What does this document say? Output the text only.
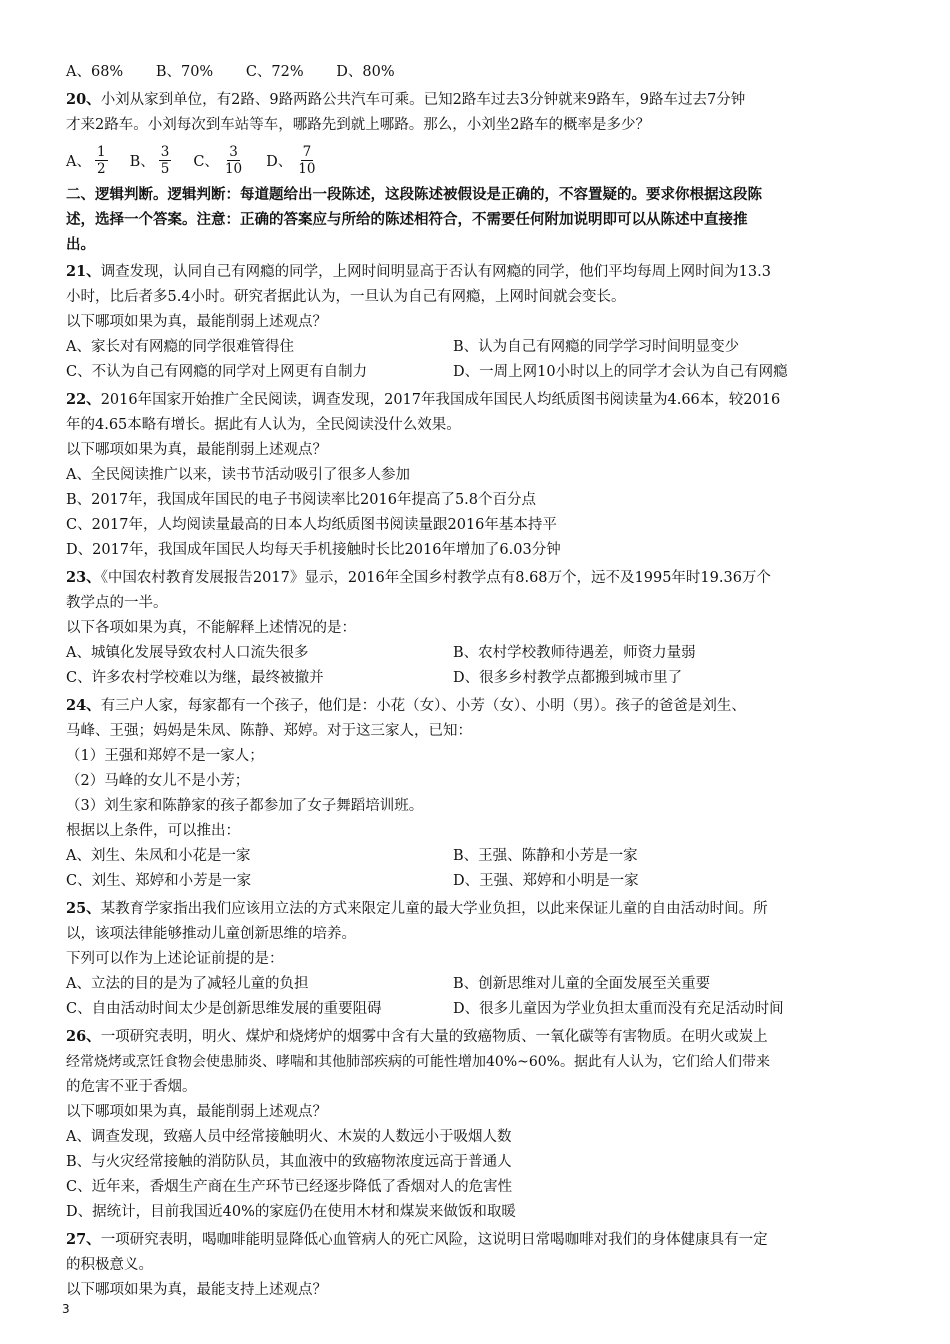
A、68% B、70% C、72% D、80%

20、小刘从家到单位，有2路、9路两路公共汽车可乘。已知2路车过去3分钟就来9路车，9路车过去7分钟

才来2路车。小刘每次到车站等车，哪路先到就上哪路。那么，小刘坐2路车的概率是多少？

A、 $\frac{1}{2}$ B、 $\frac{3}{5}$ C、 $\frac{3}{10}$ D、 $\frac{7}{10}$

二、逻辑判断。逻辑判断：每道题给出一段陈述，这段陈述被假设是正确的，不容置疑的。要求你根据这段陈

述，选择一个答案。注意：正确的答案应与所给的陈述相符合，不需要任何附加说明即可以从陈述中直接推

出。

21、调查发现，认同自己有网瘾的同学，上网时间明显高于否认有网瘾的同学，他们平均每周上网时间为13.3

小时，比后者多5.4小时。研究者据此认为，一旦认为自己有网瘾，上网时间就会变长。

以下哪项如果为真，最能削弱上述观点？

A、家长对有网瘾的同学很难管得住	B、认为自己有网瘾的同学学习时间明显变少
C、不认为自己有网瘾的同学对上网更有自制力	D、一周上网10小时以上的同学才会认为自己有网瘾

22、2016年国家开始推广全民阅读，调查发现，2017年我国成年国民人均纸质图书阅读量为4.66本，较2016

年的4.65本略有增长。据此有人认为，全民阅读没什么效果。

以下哪项如果为真，最能削弱上述观点？

A、全民阅读推广以来，读书节活动吸引了很多人参加

B、2017年，我国成年国民的电子书阅读率比2016年提高了5.8个百分点

C、2017年，人均阅读量最高的日本人均纸质图书阅读量跟2016年基本持平

D、2017年，我国成年国民人均每天手机接触时长比2016年增加了6.03分钟

23、《中国农村教育发展报告2017》显示，2016年全国乡村教学点有8.68万个，远不及1995年时19.36万个

教学点的一半。

以下各项如果为真，不能解释上述情况的是：

A、城镇化发展导致农村人口流失很多	B、农村学校教师待遇差，师资力量弱
C、许多农村学校难以为继，最终被撤并	D、很多乡村教学点都搬到城市里了

24、有三户人家，每家都有一个孩子，他们是：小花（女）、小芳（女）、小明（男）。孩子的爸爸是刘生、

马峰、王强；妈妈是朱凤、陈静、郑婷。对于这三家人，已知：

（1）王强和郑婷不是一家人；

（2）马峰的女儿不是小芳；

（3）刘生家和陈静家的孩子都参加了女子舞蹈培训班。

根据以上条件，可以推出：

A、刘生、朱凤和小花是一家	B、王强、陈静和小芳是一家
C、刘生、郑婷和小芳是一家	D、王强、郑婷和小明是一家

25、某教育学家指出我们应该用立法的方式来限定儿童的最大学业负担，以此来保证儿童的自由活动时间。所

以，该项法律能够推动儿童创新思维的培养。

下列可以作为上述论证前提的是：

A、立法的目的是为了减轻儿童的负担	B、创新思维对儿童的全面发展至关重要
C、自由活动时间太少是创新思维发展的重要阻碍	D、很多儿童因为学业负担太重而没有充足活动时间

26、一项研究表明，明火、煤炉和烧烤炉的烟雾中含有大量的致癌物质、一氧化碳等有害物质。在明火或炭上

经常烧烤或烹饪食物会使患肺炎、哮喘和其他肺部疾病的可能性增加40%~60%。据此有人认为，它们给人们带来

的危害不亚于香烟。

以下哪项如果为真，最能削弱上述观点？

A、调查发现，致癌人员中经常接触明火、木炭的人数远小于吸烟人数

B、与火灾经常接触的消防队员，其血液中的致癌物浓度远高于普通人

C、近年来，香烟生产商在生产环节已经逐步降低了香烟对人的危害性

D、据统计，目前我国近40%的家庭仍在使用木材和煤炭来做饭和取暖

27、一项研究表明，喝咖啡能明显降低心血管病人的死亡风险，这说明日常喝咖啡对我们的身体健康具有一定

的积极意义。

以下哪项如果为真，最能支持上述观点？

3
